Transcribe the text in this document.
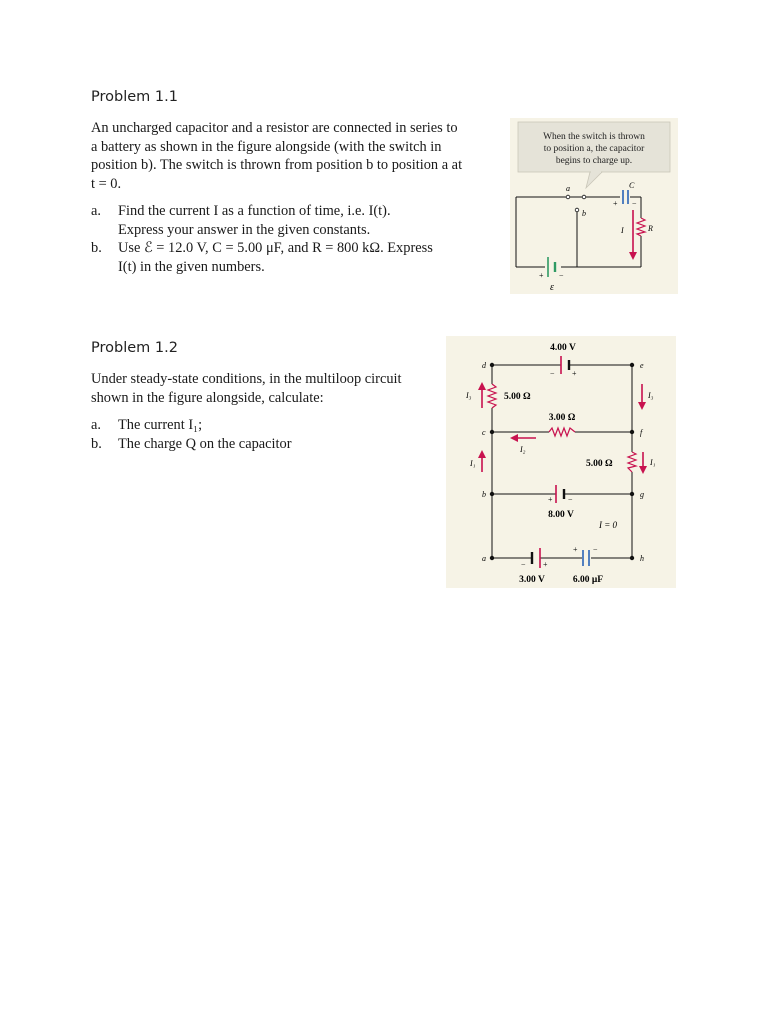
Problem 1.1
An uncharged capacitor and a resistor are connected in series to
a battery as shown in the figure alongside (with the switch in
position b). The switch is thrown from position b to position a at
t = 0.
a. Find the current I as a function of time, i.e. I(t).
Express your answer in the given constants.
b. Use ℰ = 12.0 V, C = 5.00 μF, and R = 800 kΩ. Express
I(t) in the given numbers.
When the switch is thrown
to position a, the capacitor
begins to charge up.
a
b
C
+ −
R
I
+ −
ε
Problem 1.2
Under steady-state conditions, in the multiloop circuit
shown in the figure alongside, calculate:
a. The current I₁;
b. The charge Q on the capacitor
d	e
c	f
b	g
a	h
4.00 V
− +
5.00 Ω
I₃	I₃
3.00 Ω
I₂
5.00 Ω	I₁
I₁
+ −
8.00 V
I = 0
− +
3.00 V
+ −
6.00 μF
